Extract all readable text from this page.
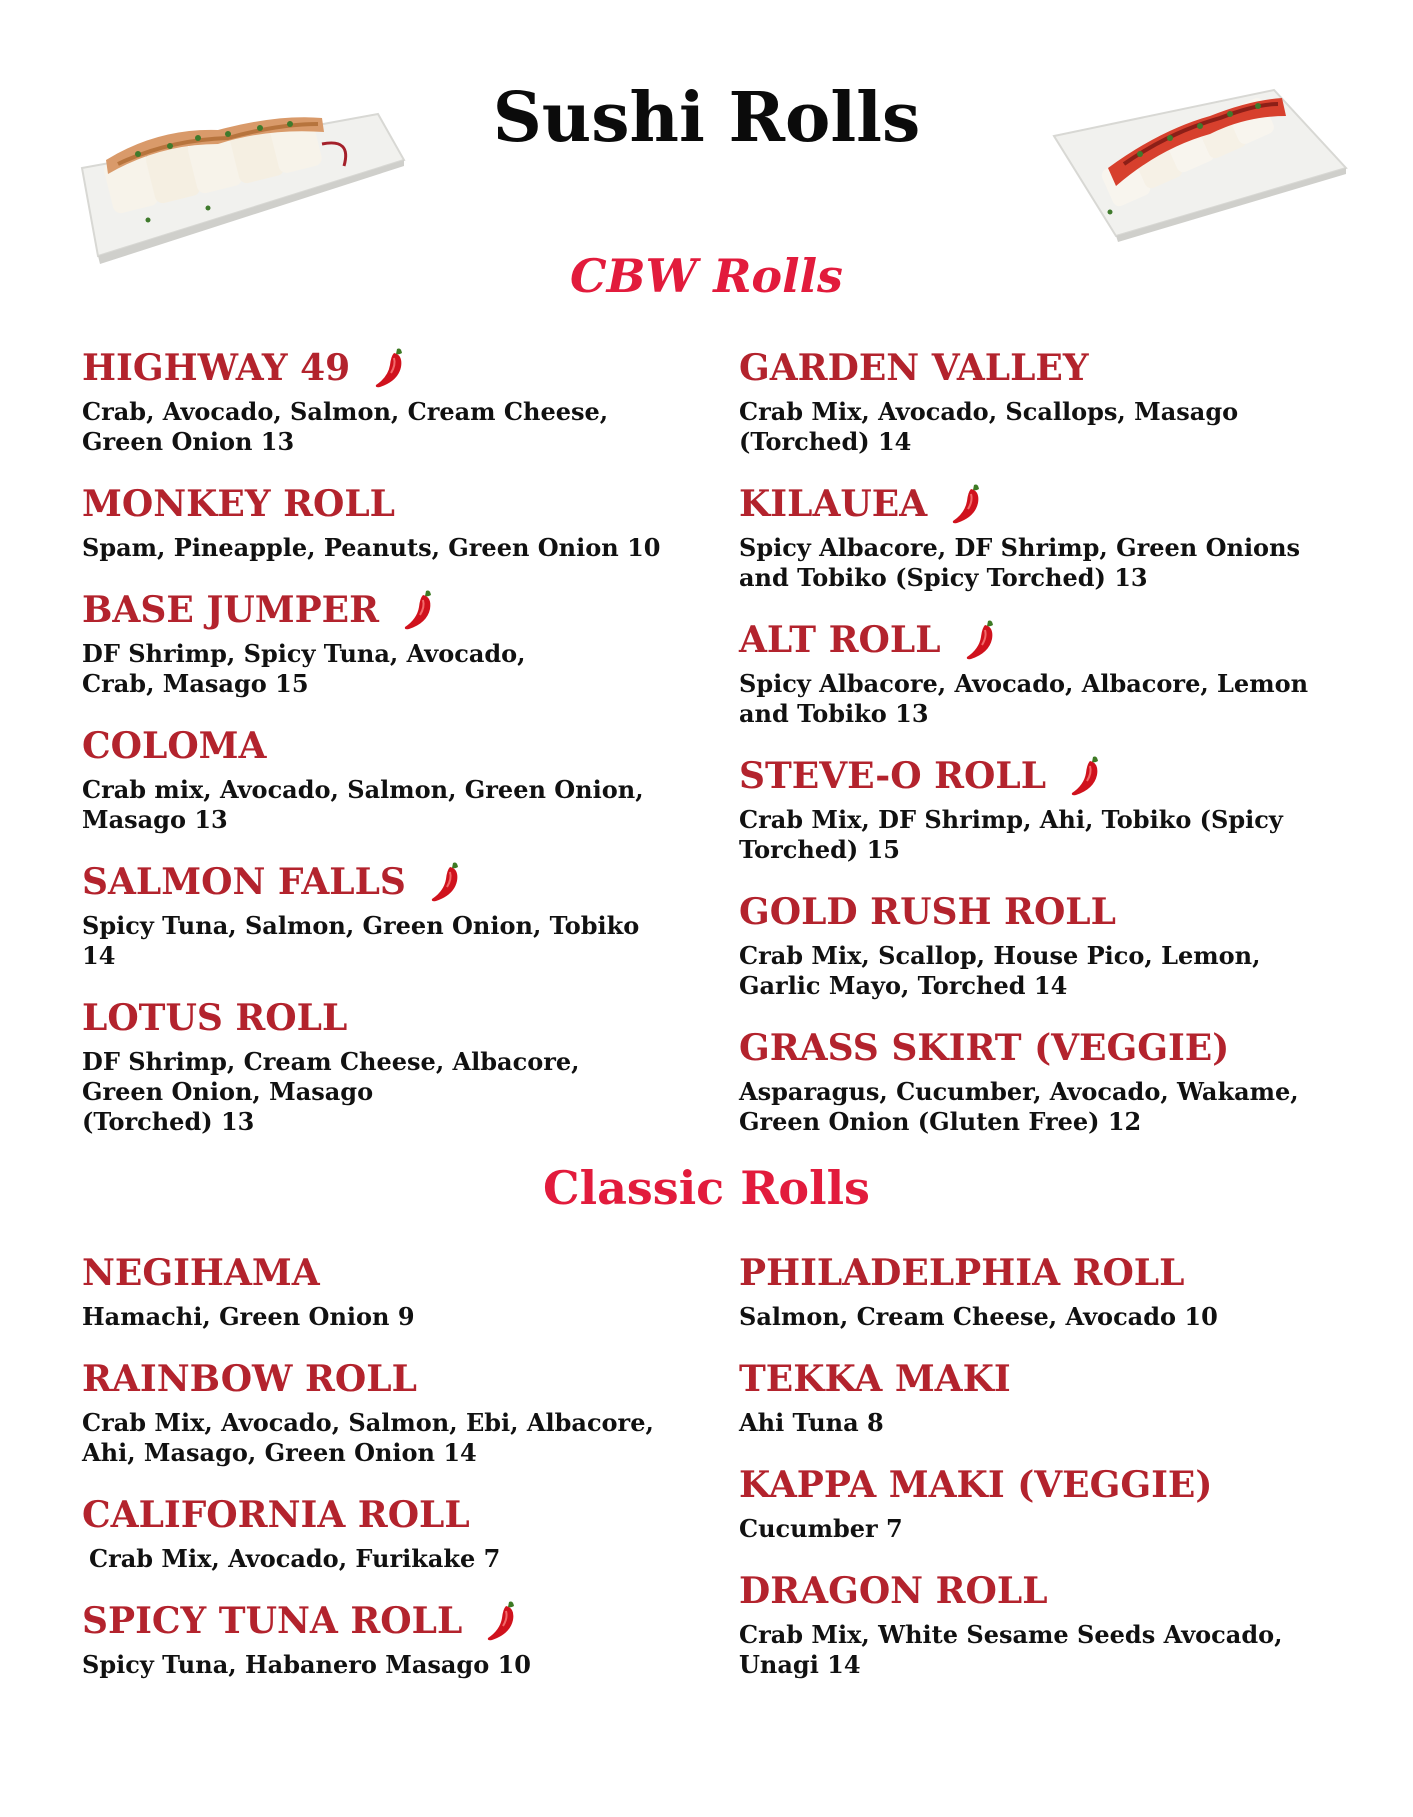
Sushi Rolls
CBW Rolls
HIGHWAY 49
Crab, Avocado, Salmon, Cream Cheese,
Green Onion 13
MONKEY ROLL
Spam, Pineapple, Peanuts, Green Onion 10
BASE JUMPER
DF Shrimp, Spicy Tuna, Avocado,
Crab, Masago 15
COLOMA
Crab mix, Avocado, Salmon, Green Onion,
Masago 13
SALMON FALLS
Spicy Tuna, Salmon, Green Onion, Tobiko
14
LOTUS ROLL
DF Shrimp, Cream Cheese, Albacore,
Green Onion, Masago
(Torched) 13
GARDEN VALLEY
Crab Mix, Avocado, Scallops, Masago
(Torched) 14
KILAUEA
Spicy Albacore, DF Shrimp, Green Onions
and Tobiko (Spicy Torched) 13
ALT ROLL
Spicy Albacore, Avocado, Albacore, Lemon
and Tobiko 13
STEVE-O ROLL
Crab Mix, DF Shrimp, Ahi, Tobiko (Spicy
Torched) 15
GOLD RUSH ROLL
Crab Mix, Scallop, House Pico, Lemon,
Garlic Mayo, Torched 14
GRASS SKIRT (VEGGIE)
Asparagus, Cucumber, Avocado, Wakame,
Green Onion (Gluten Free) 12
Classic Rolls
NEGIHAMA
Hamachi, Green Onion 9
RAINBOW ROLL
Crab Mix, Avocado, Salmon, Ebi, Albacore,
Ahi, Masago, Green Onion 14
CALIFORNIA ROLL
Crab Mix, Avocado, Furikake 7
SPICY TUNA ROLL
Spicy Tuna, Habanero Masago 10
PHILADELPHIA ROLL
Salmon, Cream Cheese, Avocado 10
TEKKA MAKI
Ahi Tuna 8
KAPPA MAKI (VEGGIE)
Cucumber 7
DRAGON ROLL
Crab Mix, White Sesame Seeds Avocado,
Unagi 14
